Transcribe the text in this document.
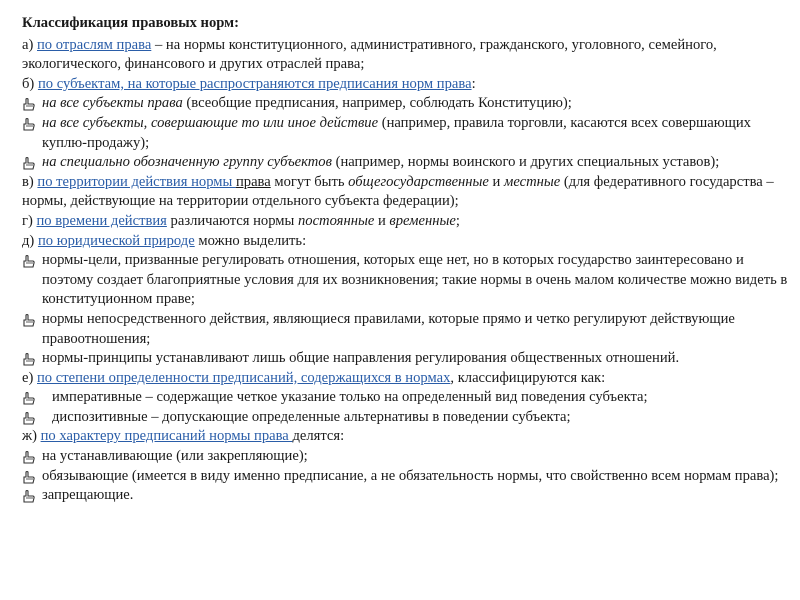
Классификация правовых норм:

а) по отраслям права – на нормы конституционного, административного, гражданского, уголовного, семейного, экологического, финансового и других отраслей права;

б) по субъектам, на которые распространяются предписания норм права:

на все субъекты права (всеобщие предписания, например, соблюдать Конституцию);
на все субъекты, совершающие то или иное действие (например, правила торговли, касаются всех совершающих куплю-продажу);
на специально обозначенную группу субъектов (например, нормы воинского и других специальных уставов);

в) по территории действия нормы права могут быть общегосударственные и местные (для федеративного государства – нормы, действующие на территории отдельного субъекта федерации);

г) по времени действия различаются нормы постоянные и временные;

д) по юридической природе можно выделить:

нормы-цели, призванные регулировать отношения, которых еще нет, но в которых государство заинтересовано и поэтому создает благоприятные условия для их возникновения; такие нормы в очень малом количестве можно видеть в конституционном праве;
нормы непосредственного действия, являющиеся правилами, которые прямо и четко регулируют действующие правоотношения;
нормы-принципы устанавливают лишь общие направления регулирования общественных отношений.

е) по степени определенности предписаний, содержащихся в нормах, классифицируются как:

императивные – содержащие четкое указание только на определенный вид поведения субъекта;
диспозитивные – допускающие определенные альтернативы в поведении субъекта;

ж) по характеру предписаний нормы права делятся:

на устанавливающие (или закрепляющие);
обязывающие (имеется в виду именно предписание, а не обязательность нормы, что свойственно всем нормам права);
запрещающие.
